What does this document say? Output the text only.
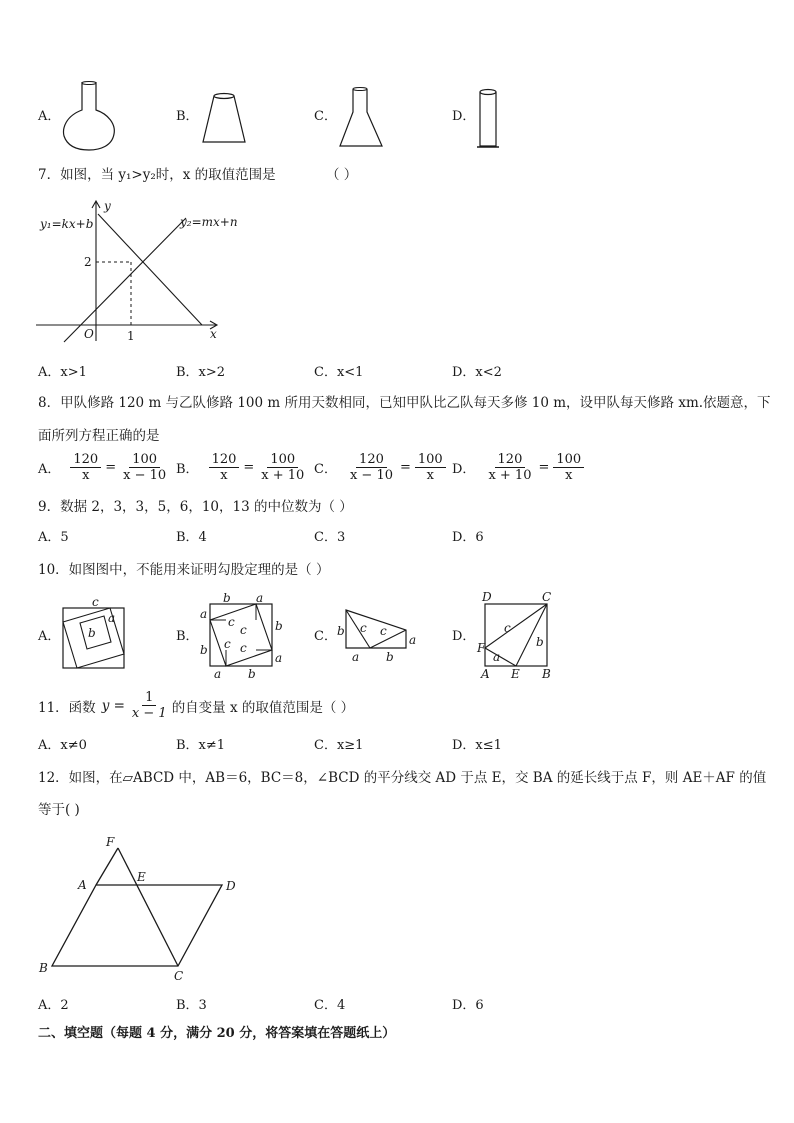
A．	B．	C．	D．
7．如图，当 y₁>y₂时，x 的取值范围是	（ ）
y₁=kx+b	y₂=mx+n
y
x
O
2
1
A．x>1	B．x>2	C．x<1	D．x<2
8．甲队修路 120 m 与乙队修路 100 m 所用天数相同，已知甲队比乙队每天多修 10 m，设甲队每天修路 xm.依题意，下
面所列方程正确的是
A． $\frac{120}{x} = \frac{100}{x - 10}$ B． $\frac{120}{x} = \frac{100}{x + 10}$ C． $\frac{120}{x - 10} = \frac{100}{x}$ D． $\frac{120}{x + 10} = \frac{100}{x}$
9．数据 2，3，3，5，6，10，13 的中位数为（ ）
A．5	B．4	C．3	D．6
10．如图图中，不能用来证明勾股定理的是（ ）
A．
c
a
b	B．
b a
a
b
b
a
a b
c
c
c c
C． b c c
a
a b
D．
D	C
F
A E B
c
a
b
11．函数 $y = \frac{1}{x - 1}$ 的自变量 x 的取值范围是（ ）
A．x≠0	B．x≠1	C．x≥1	D．x≤1
12．如图，在▱ABCD 中，AB＝6，BC＝8，∠BCD 的平分线交 AD 于点 E，交 BA 的延长线于点 F，则 AE＋AF 的值
等于( )
F
A
E
D
B
C
A．2	B．3	C．4	D．6
二、填空题（每题 4 分，满分 20 分，将答案填在答题纸上）
